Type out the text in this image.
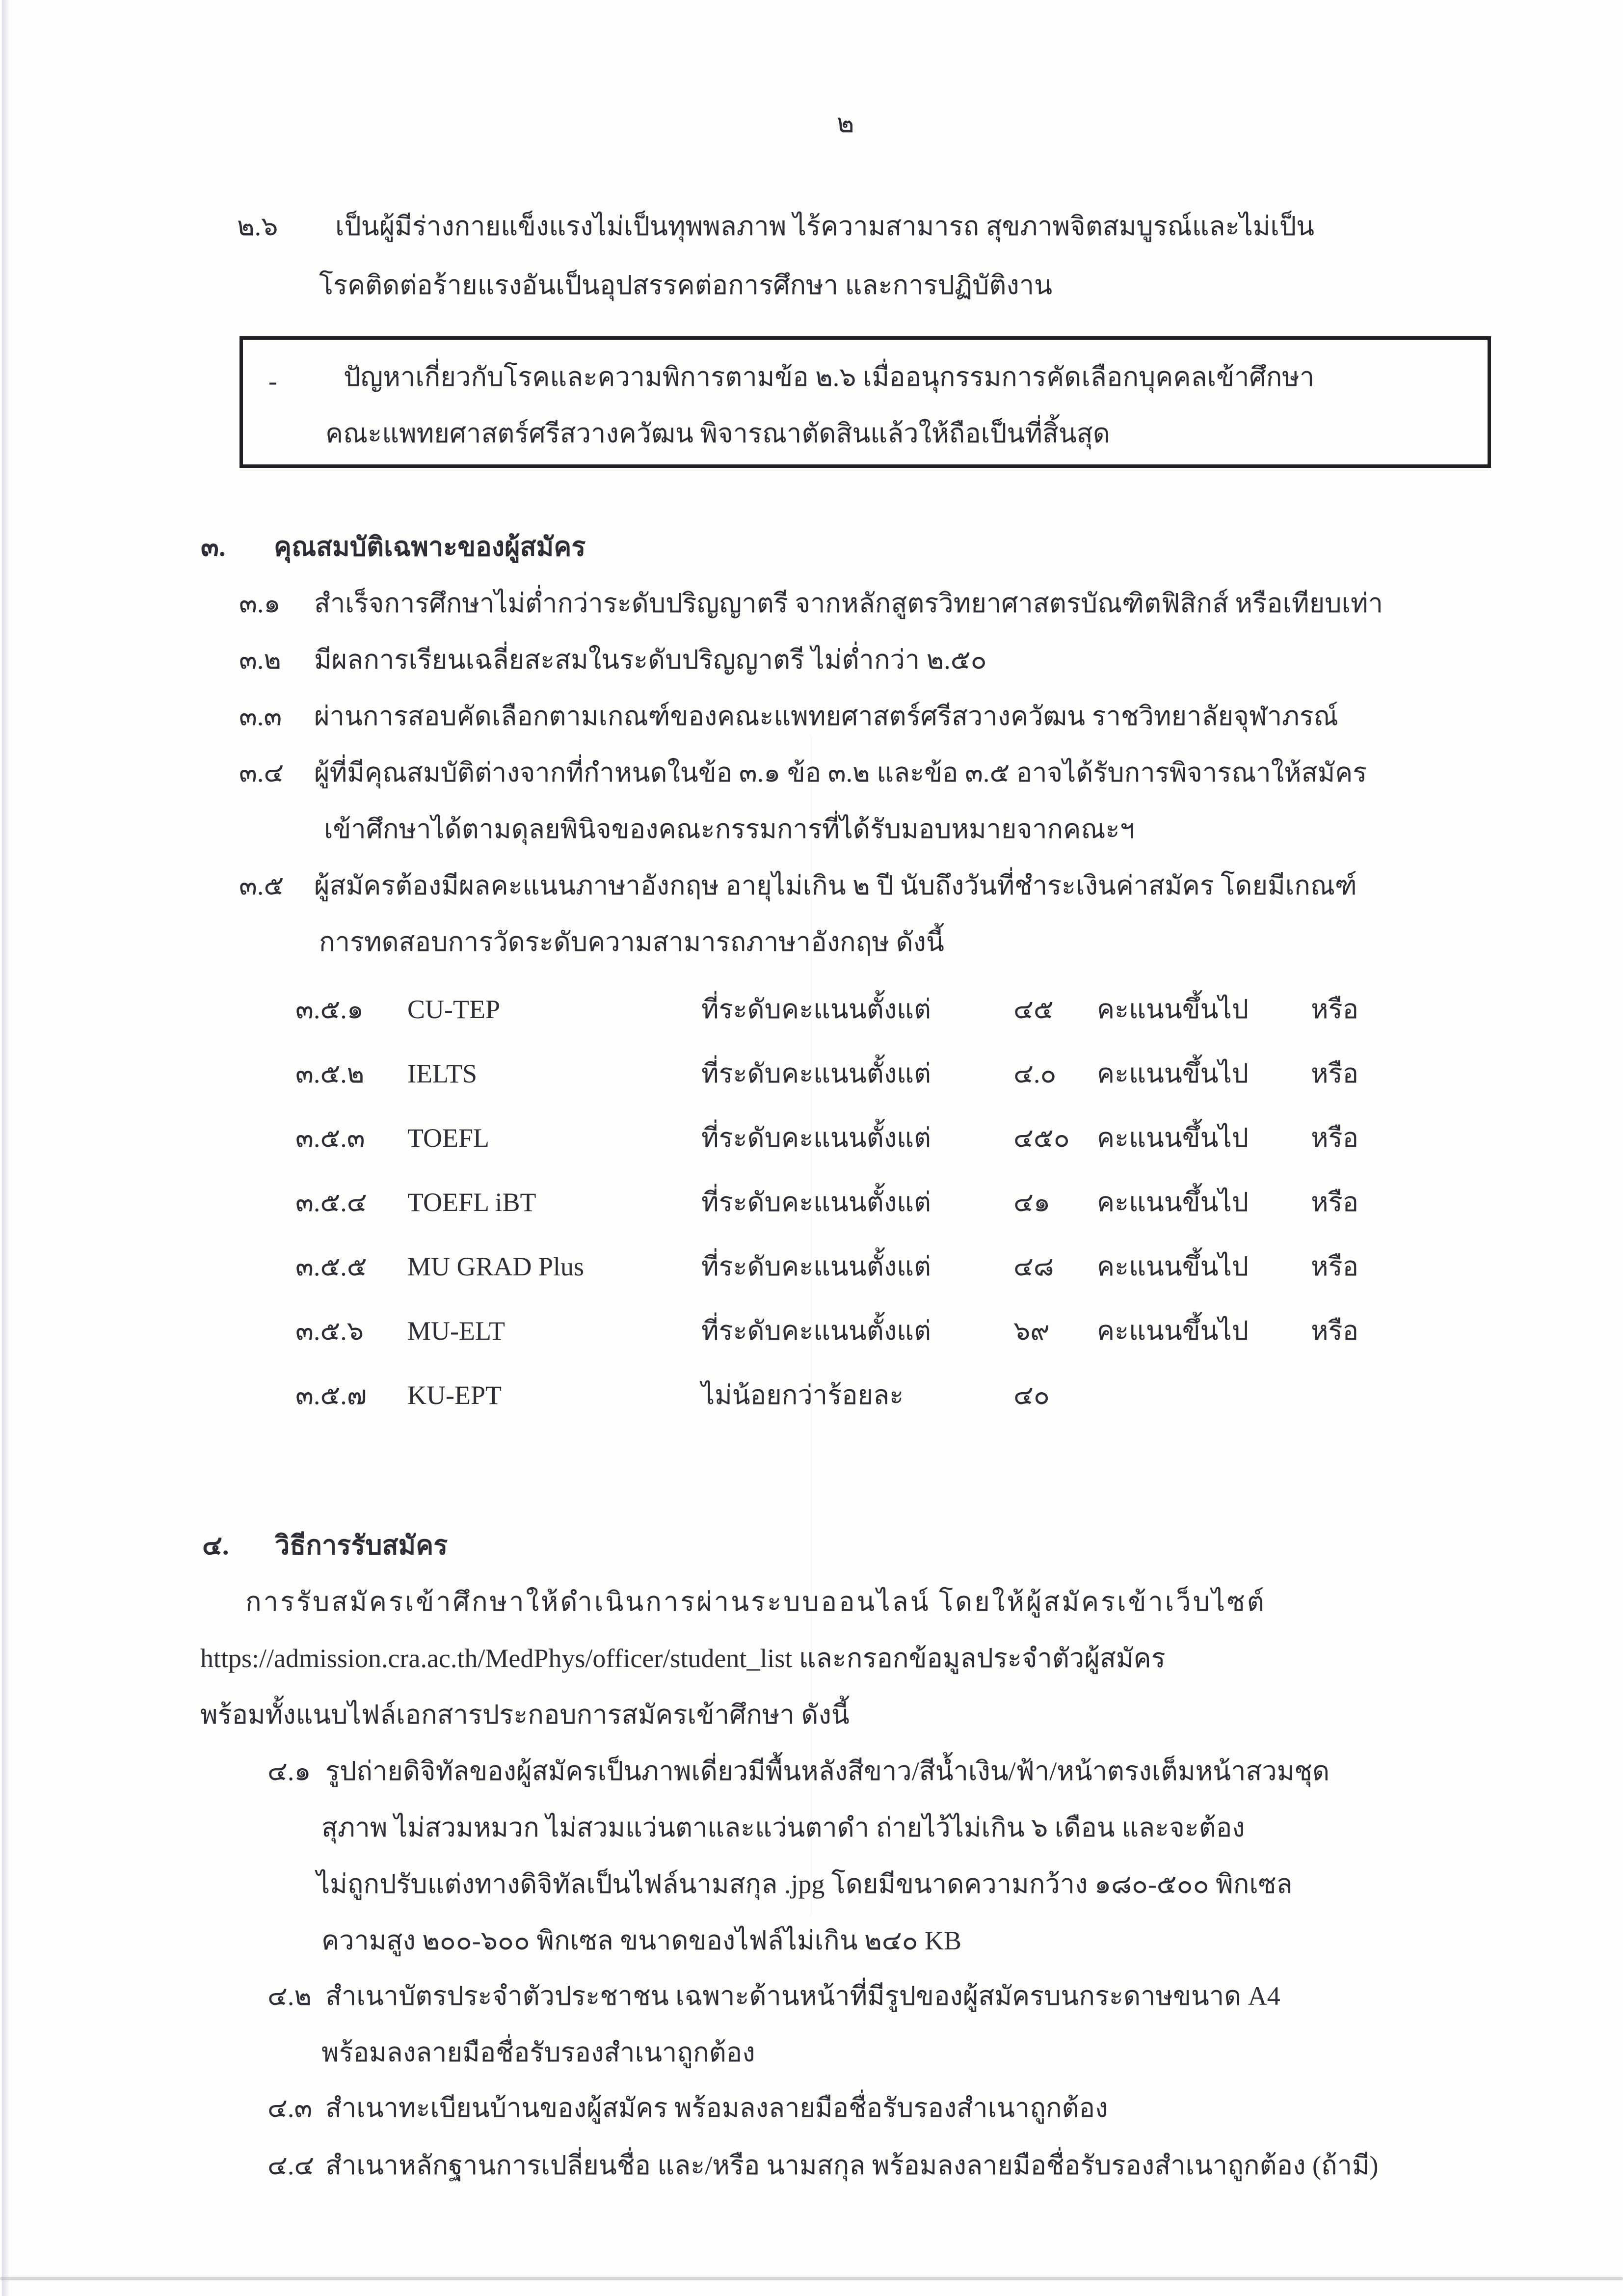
๒
๒.๖ เป็นผู้มีร่างกายแข็งแรงไม่เป็นทุพพลภาพ ไร้ความสามารถ สุขภาพจิตสมบูรณ์และไม่เป็น
โรคติดต่อร้ายแรงอันเป็นอุปสรรคต่อการศึกษา และการปฏิบัติงาน
-	ปัญหาเกี่ยวกับโรคและความพิการตามข้อ ๒.๖ เมื่ออนุกรรมการคัดเลือกบุคคลเข้าศึกษา
คณะแพทยศาสตร์ศรีสวางควัฒน พิจารณาตัดสินแล้วให้ถือเป็นที่สิ้นสุด
๓. คุณสมบัติเฉพาะของผู้สมัคร
๓.๑ สำเร็จการศึกษาไม่ต่ำกว่าระดับปริญญาตรี จากหลักสูตรวิทยาศาสตรบัณฑิตฟิสิกส์ หรือเทียบเท่า
๓.๒ มีผลการเรียนเฉลี่ยสะสมในระดับปริญญาตรี ไม่ต่ำกว่า ๒.๕๐
๓.๓ ผ่านการสอบคัดเลือกตามเกณฑ์ของคณะแพทยศาสตร์ศรีสวางควัฒน ราชวิทยาลัยจุฬาภรณ์
๓.๔ ผู้ที่มีคุณสมบัติต่างจากที่กำหนดในข้อ ๓.๑ ข้อ ๓.๒ และข้อ ๓.๕ อาจได้รับการพิจารณาให้สมัคร
เข้าศึกษาได้ตามดุลยพินิจของคณะกรรมการที่ได้รับมอบหมายจากคณะฯ
๓.๕ ผู้สมัครต้องมีผลคะแนนภาษาอังกฤษ อายุไม่เกิน ๒ ปี นับถึงวันที่ชำระเงินค่าสมัคร โดยมีเกณฑ์
การทดสอบการวัดระดับความสามารถภาษาอังกฤษ ดังนี้
๓.๕.๑ CU-TEP	ที่ระดับคะแนนตั้งแต่	๔๕ คะแนนขึ้นไป หรือ
๓.๕.๒ IELTS	ที่ระดับคะแนนตั้งแต่	๔.๐ คะแนนขึ้นไป หรือ
๓.๕.๓ TOEFL	ที่ระดับคะแนนตั้งแต่	๔๕๐ คะแนนขึ้นไป หรือ
๓.๕.๔ TOEFL iBT	ที่ระดับคะแนนตั้งแต่	๔๑ คะแนนขึ้นไป หรือ
๓.๕.๕ MU GRAD Plus	ที่ระดับคะแนนตั้งแต่	๔๘ คะแนนขึ้นไป หรือ
๓.๕.๖ MU-ELT	ที่ระดับคะแนนตั้งแต่	๖๙ คะแนนขึ้นไป หรือ
๓.๕.๗ KU-EPT	ไม่น้อยกว่าร้อยละ	๔๐
๔. วิธีการรับสมัคร
การรับสมัครเข้าศึกษาให้ดำเนินการผ่านระบบออนไลน์ โดยให้ผู้สมัครเข้าเว็บไซต์
https://admission.cra.ac.th/MedPhys/officer/student_list และกรอกข้อมูลประจำตัวผู้สมัคร
พร้อมทั้งแนบไฟล์เอกสารประกอบการสมัครเข้าศึกษา ดังนี้
๔.๑ รูปถ่ายดิจิทัลของผู้สมัครเป็นภาพเดี่ยวมีพื้นหลังสีขาว/สีน้ำเงิน/ฟ้า/หน้าตรงเต็มหน้าสวมชุด
สุภาพ ไม่สวมหมวก ไม่สวมแว่นตาและแว่นตาดำ ถ่ายไว้ไม่เกิน ๖ เดือน และจะต้อง
ไม่ถูกปรับแต่งทางดิจิทัลเป็นไฟล์นามสกุล .jpg โดยมีขนาดความกว้าง ๑๘๐-๕๐๐ พิกเซล
ความสูง ๒๐๐-๖๐๐ พิกเซล ขนาดของไฟล์ไม่เกิน ๒๔๐ KB
๔.๒ สำเนาบัตรประจำตัวประชาชน เฉพาะด้านหน้าที่มีรูปของผู้สมัครบนกระดาษขนาด A4
พร้อมลงลายมือชื่อรับรองสำเนาถูกต้อง
๔.๓ สำเนาทะเบียนบ้านของผู้สมัคร พร้อมลงลายมือชื่อรับรองสำเนาถูกต้อง
๔.๔ สำเนาหลักฐานการเปลี่ยนชื่อ และ/หรือ นามสกุล พร้อมลงลายมือชื่อรับรองสำเนาถูกต้อง (ถ้ามี)
